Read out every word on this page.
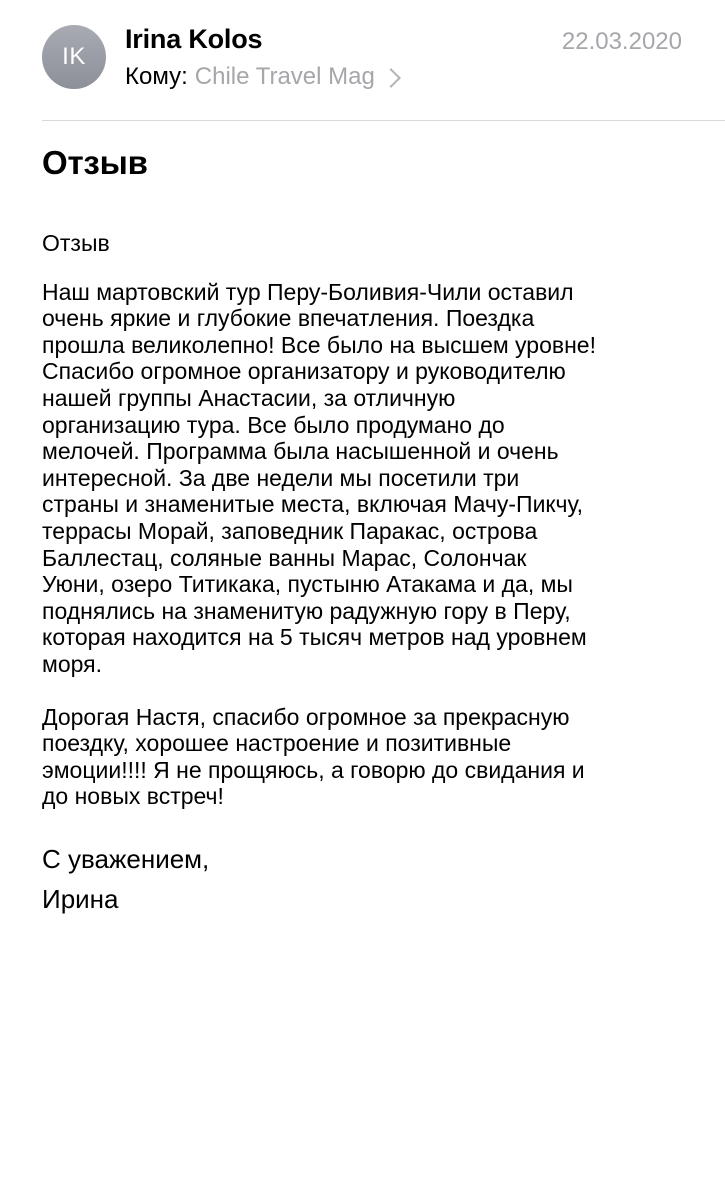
IK
Irina Kolos	22.03.2020
Кому: Chile Travel Mag
Отзыв

Отзыв

Наш мартовский тур Перу-Боливия-Чили оставил
очень яркие и глубокие впечатления. Поездка
прошла великолепно! Все было на высшем уровне!
Спасибо огромное организатору и руководителю
нашей группы Анастасии, за отличную
организацию тура. Все было продумано до
мелочей. Программа была насышенной и очень
интересной. За две недели мы посетили три
страны и знаменитые места, включая Мачу-Пикчу,
террасы Морай, заповедник Паракас, острова
Баллестац, соляные ванны Марас, Солончак
Уюни, озеро Титикака, пустыню Атакама и да, мы
поднялись на знаменитую радужную гору в Перу,
которая находится на 5 тысяч метров над уровнем
моря.

Дорогая Настя, спасибо огромное за прекрасную
поездку, хорошее настроение и позитивные
эмоции!!!! Я не прощяюсь, а говорю до свидания и
до новых встреч!

С уважением,
Ирина
